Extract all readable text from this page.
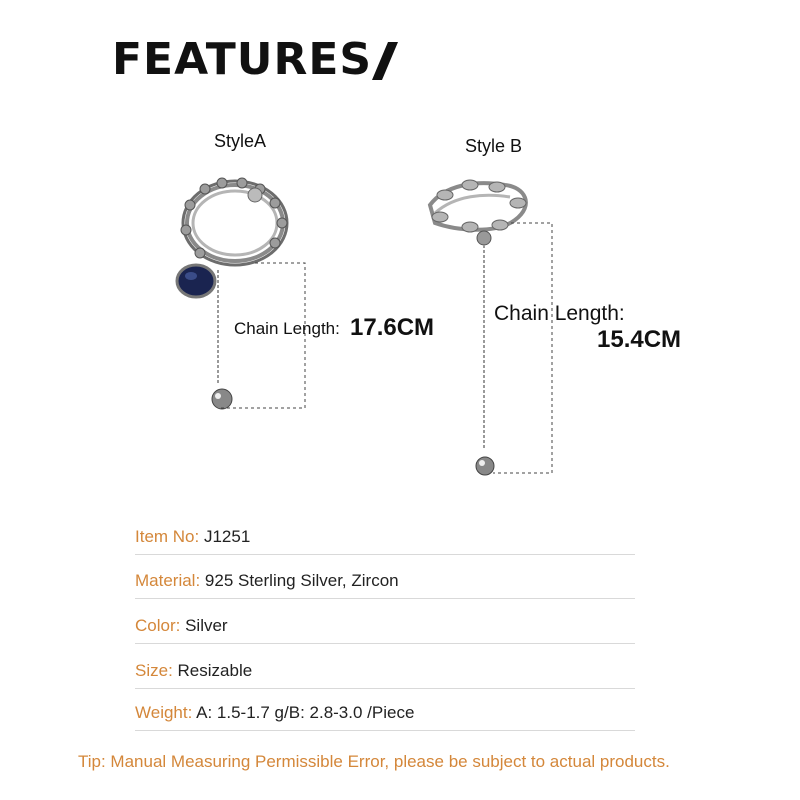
FEATURES
StyleA	Style B
Chain Length: 17.6CM
Chain Length:
15.4CM
Item No: J1251
Material: 925 Sterling Silver, Zircon
Color: Silver
Size: Resizable
Weight: A: 1.5-1.7 g/B: 2.8-3.0 /Piece
Tip: Manual Measuring Permissible Error, please be subject to actual products.
